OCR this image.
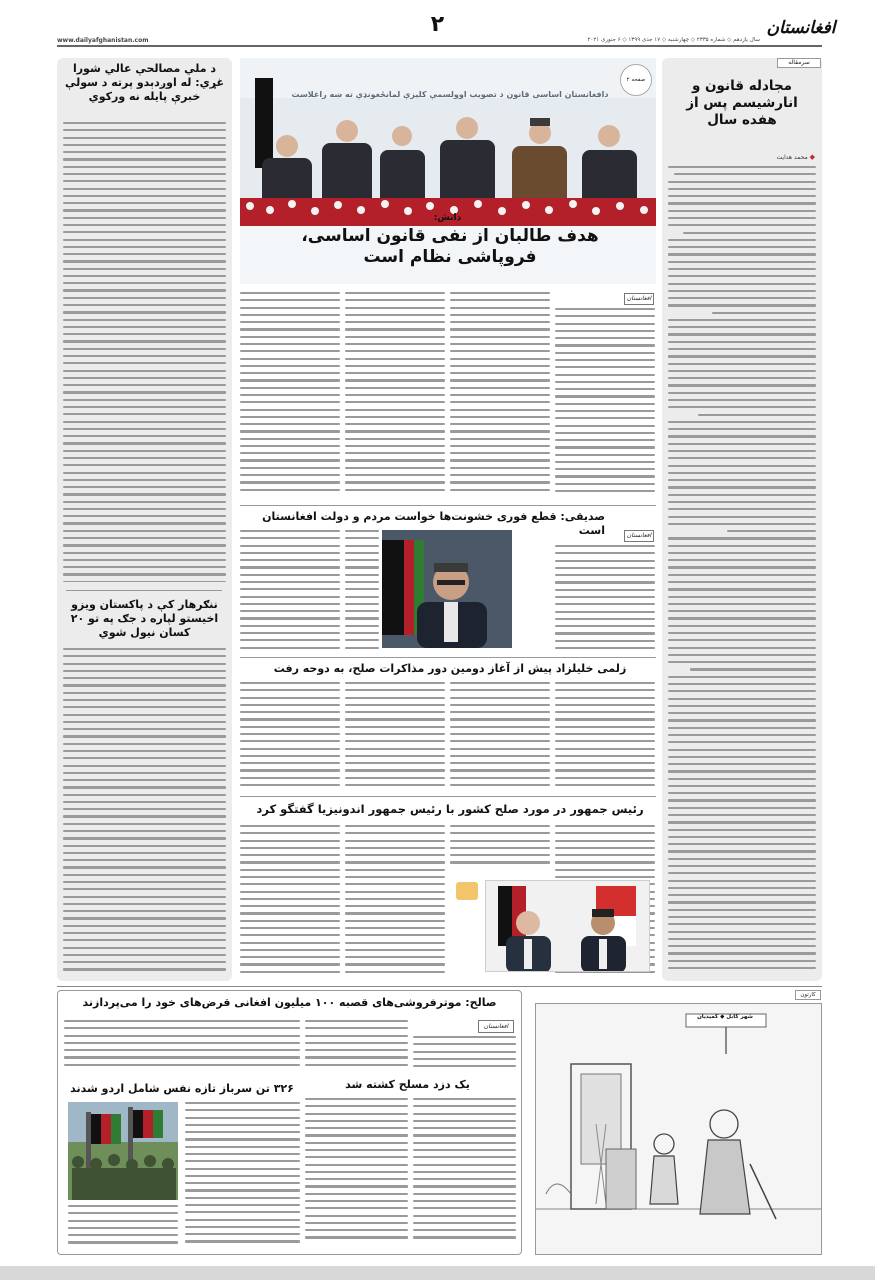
افغانستان
سال یازدهم ◇ شماره ۲۳۳۵ ◇ چهارشنبه ◇ ۱۷ جدی ۱۳۹۹ ◇ ۶ جنوری ۲۰۲۱
۲
www.dailyafghanistan.com
سرمقاله
مجادله قانون و انارشیسم پس از هفده سال
◆ محمد هدایت
د ملي مصالحې عالي شورا غړي: له اوږدېدو پرته د سولې خبرې پایله نه ورکوي
ننګرهار کې د پاکستان ویزو اخیستو لپاره د جګ په تو ۲۰ کسان نیول شوي
دافغانستان اساسی قانون د تصویب اوولسمې کلیزې لمانځغونډې ته ښه راغلاست
صفحه ۲
دانش:
هدف طالبان از نفی قانون اساسی، فروپاشی نظام است
افغانستان
صدیقی: قطع فوری خشونت‌ها خواست مردم و دولت افغانستان است	افغانستان
زلمی خلیلزاد پیش از آغاز دومین دور مذاکرات صلح، به دوحه رفت
رئیس جمهور در مورد صلح کشور با رئیس جمهور اندونیزیا گفتگو کرد
صالح: موترفروشی‌های قصبه ۱۰۰ میلیون افغانی قرض‌های خود را می‌پردازند
افغانستان
یک دزد مسلح کشته شد
۳۲۶ تن سرباز تازه نفس شامل اردو شدند
کارتون
شهر کابل ◆ کمیدیان
